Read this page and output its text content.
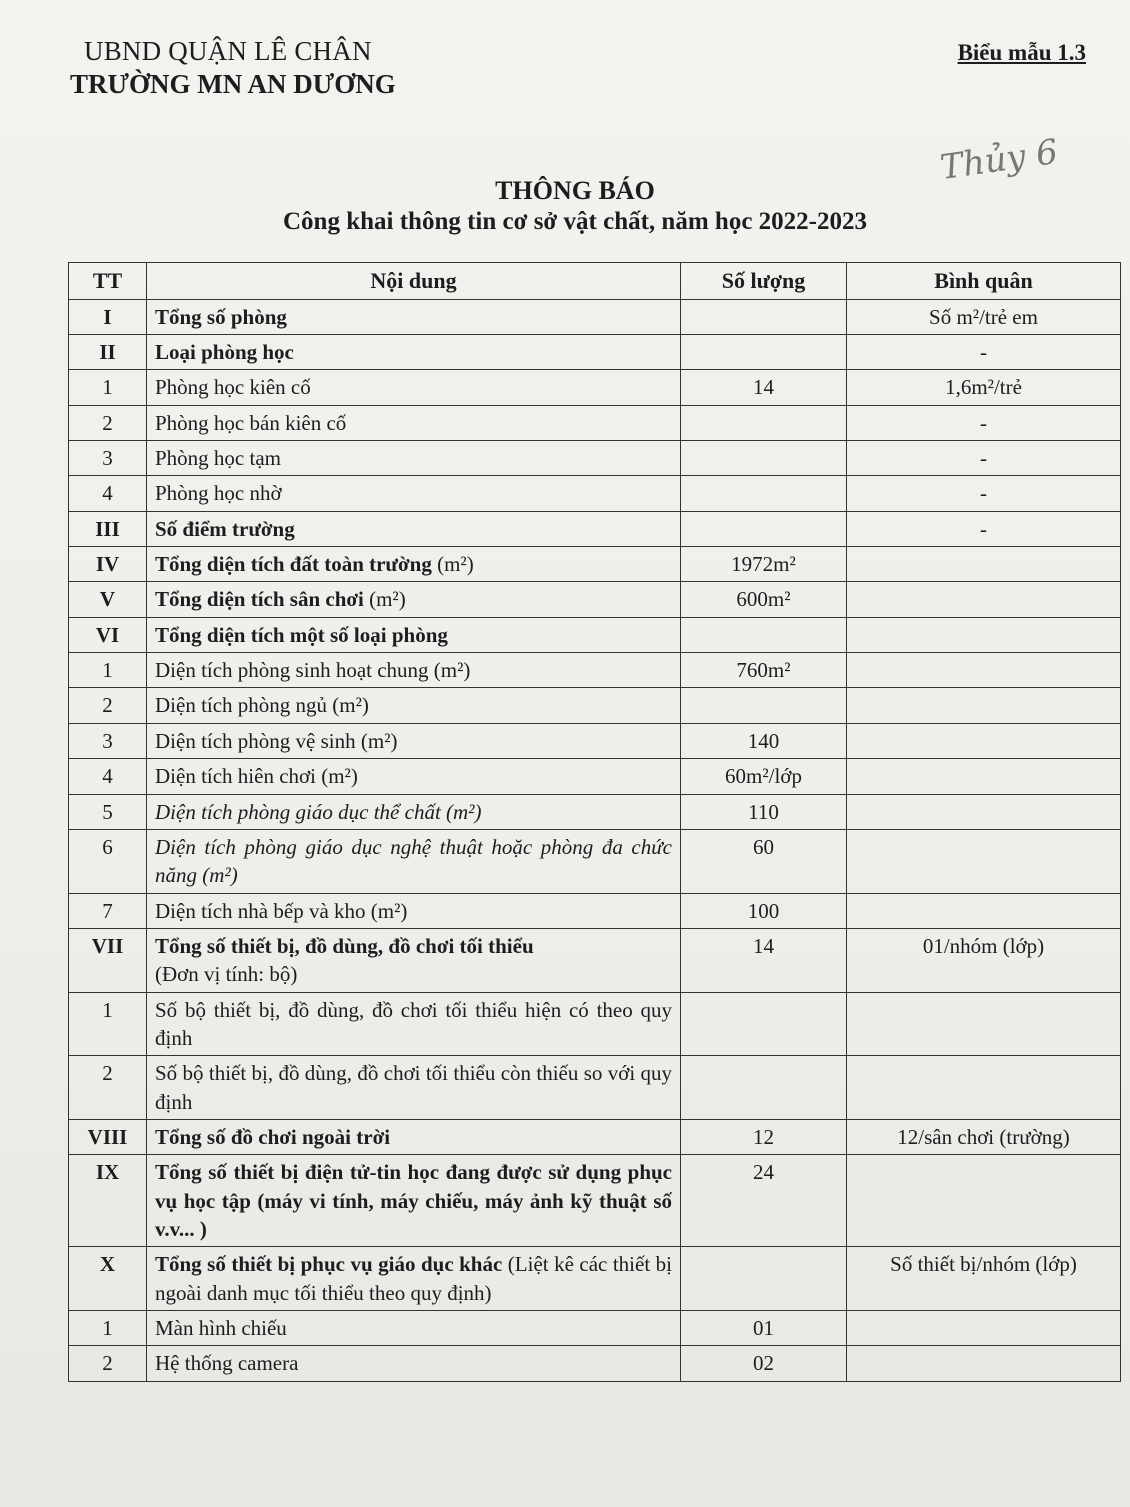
UBND QUẬN LÊ CHÂN
TRƯỜNG MN AN DƯƠNG
Biểu mẫu 1.3
Thủy 6
THÔNG BÁO
Công khai thông tin cơ sở vật chất, năm học 2022-2023
TT	Nội dung	Số lượng	Bình quân
I	Tổng số phòng		Số m²/trẻ em
II	Loại phòng học		-
1	Phòng học kiên cố	14	1,6m²/trẻ
2	Phòng học bán kiên cố		-
3	Phòng học tạm		-
4	Phòng học nhờ		-
III	Số điểm trường		-
IV	Tổng diện tích đất toàn trường (m²)	1972m²	
V	Tổng diện tích sân chơi (m²)	600m²	
VI	Tổng diện tích một số loại phòng		
1	Diện tích phòng sinh hoạt chung (m²)	760m²	
2	Diện tích phòng ngủ (m²)		
3	Diện tích phòng vệ sinh (m²)	140	
4	Diện tích hiên chơi (m²)	60m²/lớp	
5	Diện tích phòng giáo dục thể chất (m²)	110	
6	Diện tích phòng giáo dục nghệ thuật hoặc phòng đa chức năng (m²)	60	
7	Diện tích nhà bếp và kho (m²)	100	
VII	Tổng số thiết bị, đồ dùng, đồ chơi tối thiểu
(Đơn vị tính: bộ)	14	01/nhóm (lớp)
1	Số bộ thiết bị, đồ dùng, đồ chơi tối thiểu hiện có theo quy định		
2	Số bộ thiết bị, đồ dùng, đồ chơi tối thiểu còn thiếu so với quy định		
VIII	Tổng số đồ chơi ngoài trời	12	12/sân chơi (trường)
IX	Tổng số thiết bị điện tử-tin học đang được sử dụng phục vụ học tập (máy vi tính, máy chiếu, máy ảnh kỹ thuật số v.v... )	24	
X	Tổng số thiết bị phục vụ giáo dục khác (Liệt kê các thiết bị ngoài danh mục tối thiểu theo quy định)		Số thiết bị/nhóm (lớp)
1	Màn hình chiếu	01	
2	Hệ thống camera	02	
